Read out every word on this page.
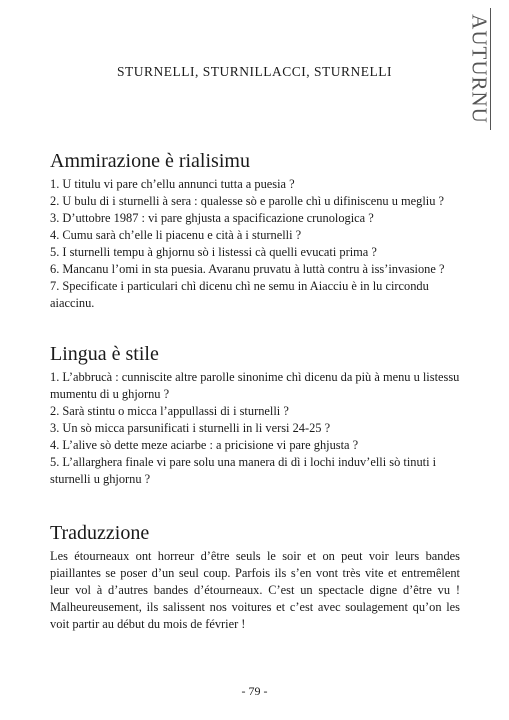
AUTURNU
STURNELLI, STURNILLACCI, STURNELLI
Ammirazione è rialisimu
1. U titulu vi pare ch’ellu annunci tutta a puesia ?
2. U bulu di i sturnelli à sera : qualesse sò e parolle chì u difiniscenu u megliu ?
3. D’uttobre 1987 : vi pare ghjusta a spacificazione crunologica ?
4. Cumu sarà ch’elle li piacenu e cità à i sturnelli ?
5. I sturnelli tempu à ghjornu sò i listessi cà quelli evucati prima ?
6. Mancanu l’omi in sta puesia. Avaranu pruvatu à luttà contru à iss’invasione ?
7. Specificate i particulari chì dicenu chì ne semu in Aiacciu è in lu circondu aiaccinu.
Lingua è stile
1. L’abbrucà : cunniscite altre parolle sinonime chì dicenu da più à menu u listessu mumentu di u ghjornu ?
2. Sarà stintu o micca l’appullassi di i sturnelli ?
3. Un sò micca parsunificati i sturnelli in li versi 24-25 ?
4. L’alive sò dette meze aciarbe : a pricisione vi pare ghjusta ?
5. L’allarghera finale vi pare solu una manera di dì i lochi induv’elli sò tinuti i sturnelli u ghjornu ?
Traduzzione

Les étourneaux ont horreur d’être seuls le soir et on peut voir leurs bandes piaillantes se poser d’un seul coup. Parfois ils s’en vont très vite et entremêlent leur vol à d’autres bandes d’étourneaux. C’est un spectacle digne d’être vu ! Malheureusement, ils salissent nos voitures et c’est avec soulagement qu’on les voit partir au début du mois de février !

- 79 -
